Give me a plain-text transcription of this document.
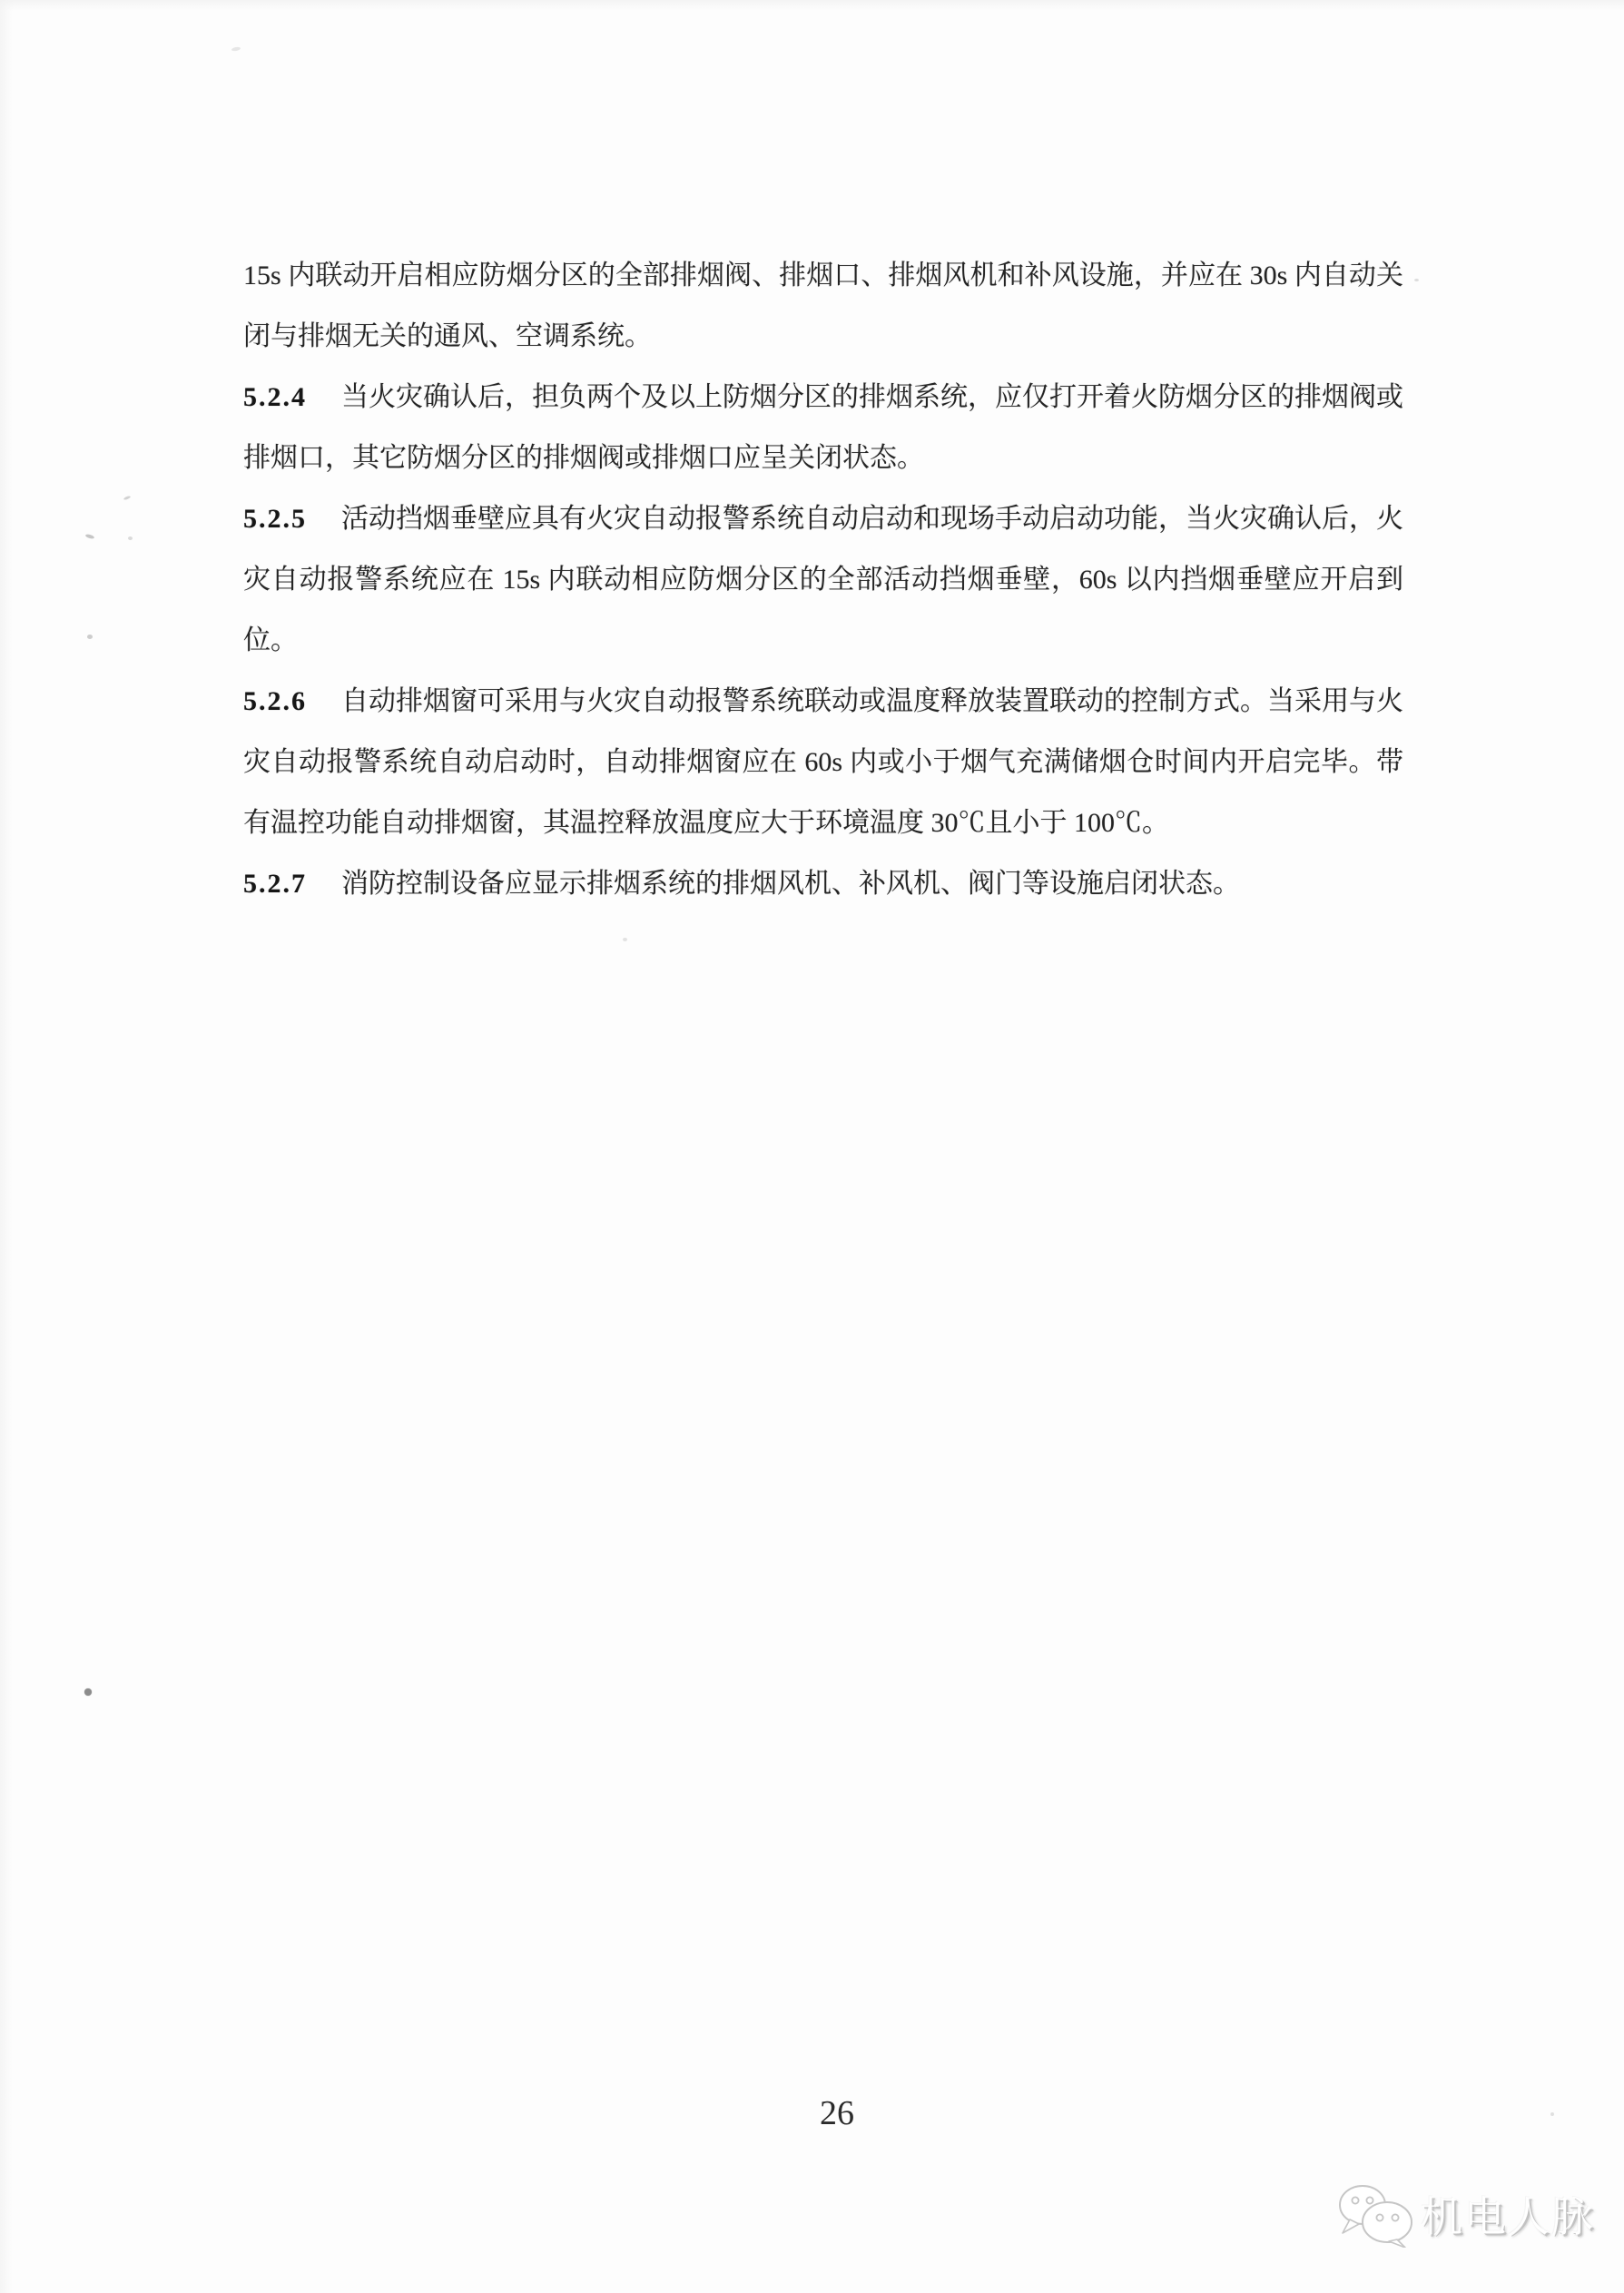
15s 内联动开启相应防烟分区的全部排烟阀、排烟口、排烟风机和补风设施，并应在 30s 内自动关闭与排烟无关的通风、空调系统。

5.2.4 当火灾确认后，担负两个及以上防烟分区的排烟系统，应仅打开着火防烟分区的排烟阀或排烟口，其它防烟分区的排烟阀或排烟口应呈关闭状态。

5.2.5 活动挡烟垂壁应具有火灾自动报警系统自动启动和现场手动启动功能，当火灾确认后，火灾自动报警系统应在 15s 内联动相应防烟分区的全部活动挡烟垂壁，60s 以内挡烟垂壁应开启到位。

5.2.6 自动排烟窗可采用与火灾自动报警系统联动或温度释放装置联动的控制方式。当采用与火灾自动报警系统自动启动时，自动排烟窗应在 60s 内或小于烟气充满储烟仓时间内开启完毕。带有温控功能自动排烟窗，其温控释放温度应大于环境温度 30℃且小于 100℃。

5.2.7 消防控制设备应显示排烟系统的排烟风机、补风机、阀门等设施启闭状态。

26
机电人脉
